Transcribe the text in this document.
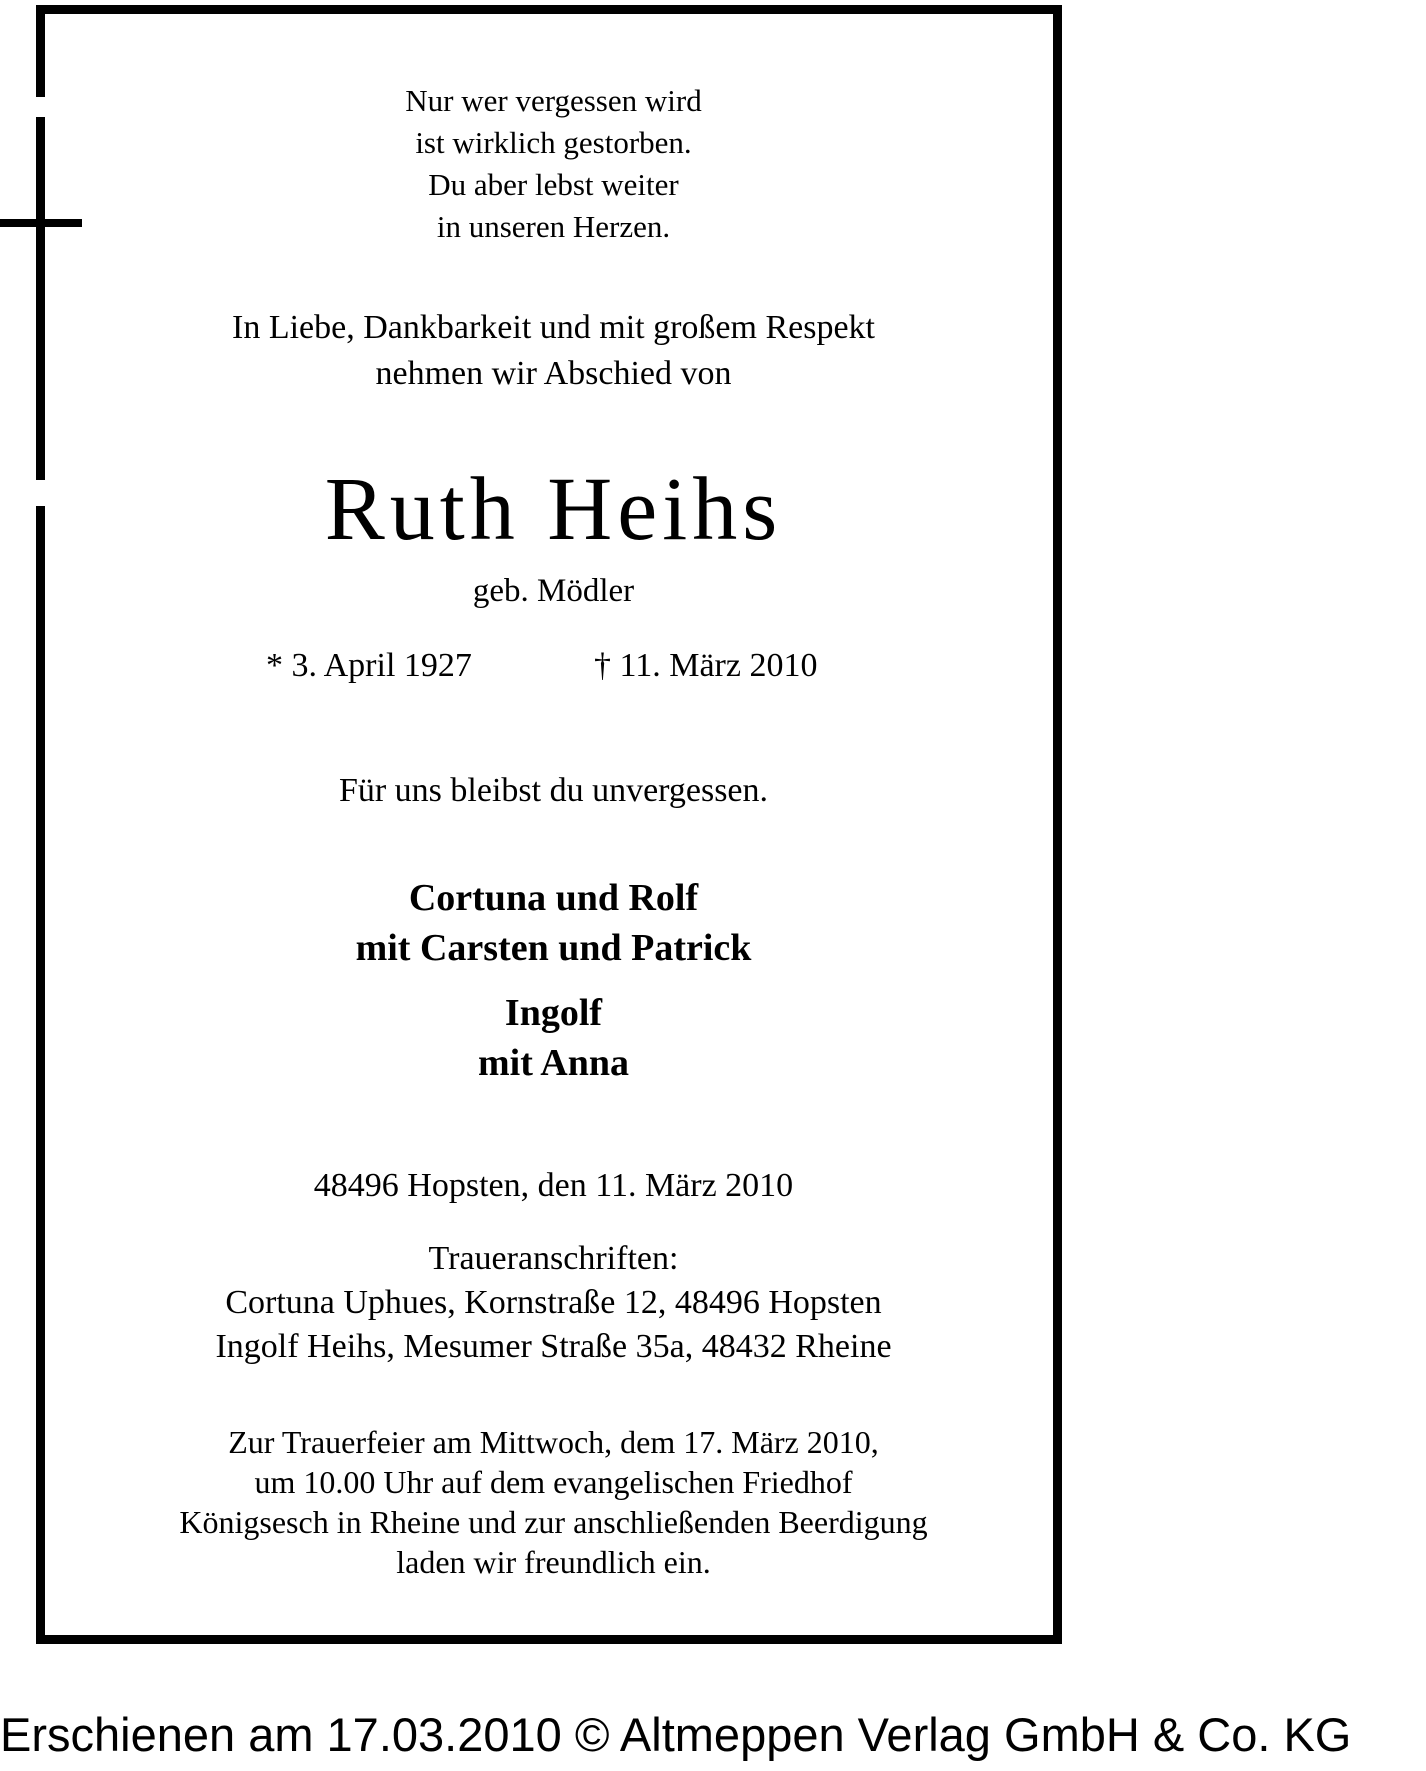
Nur wer vergessen wird
ist wirklich gestorben.
Du aber lebst weiter
in unseren Herzen.

In Liebe, Dankbarkeit und mit großem Respekt
nehmen wir Abschied von

Ruth Heihs

geb. Mödler

* 3. April 1927	† 11. März 2010

Für uns bleibst du unvergessen.

Cortuna und Rolf
mit Carsten und Patrick

Ingolf
mit Anna

48496 Hopsten, den 11. März 2010

Traueranschriften:
Cortuna Uphues, Kornstraße 12, 48496 Hopsten
Ingolf Heihs, Mesumer Straße 35a, 48432 Rheine

Zur Trauerfeier am Mittwoch, dem 17. März 2010,
um 10.00 Uhr auf dem evangelischen Friedhof
Königsesch in Rheine und zur anschließenden Beerdigung
laden wir freundlich ein.

Erschienen am 17.03.2010 © Altmeppen Verlag GmbH & Co. KG
